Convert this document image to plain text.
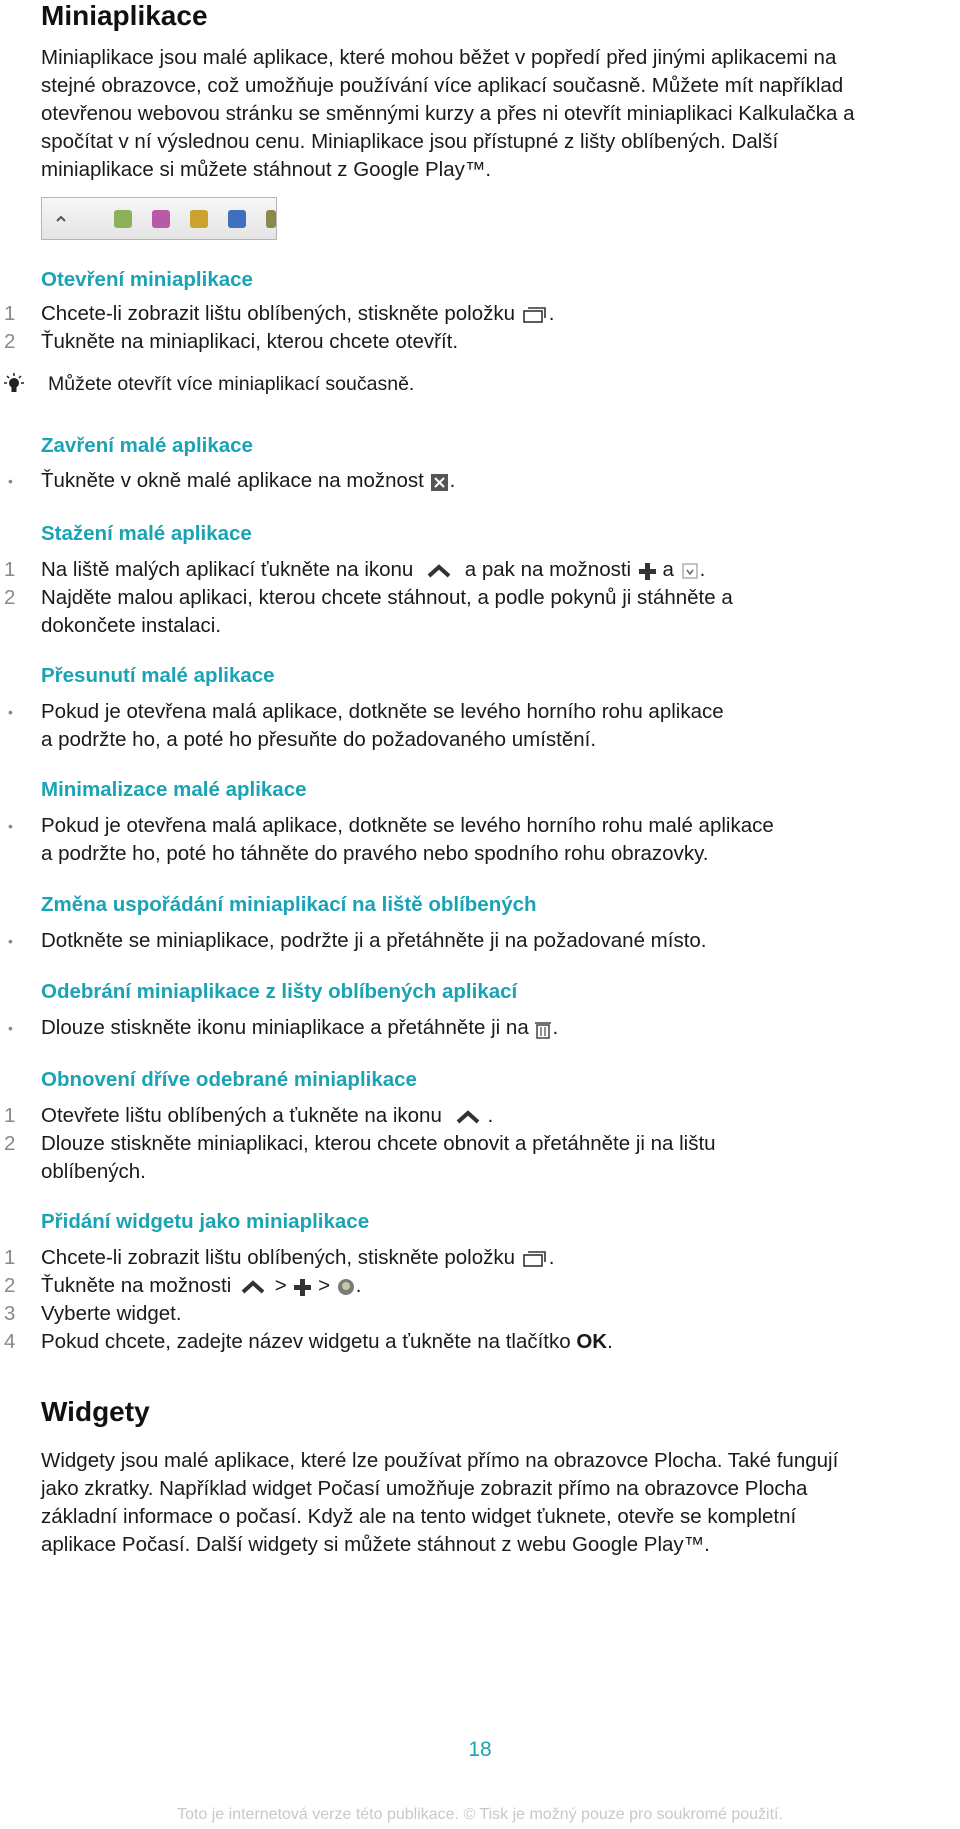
Miniaplikace
Miniaplikace jsou malé aplikace, které mohou běžet v popředí před jinými aplikacemi na
stejné obrazovce, což umožňuje používání více aplikací současně. Můžete mít například
otevřenou webovou stránku se směnnými kurzy a přes ni otevřít miniaplikaci Kalkulačka a
spočítat v ní výslednou cenu. Miniaplikace jsou přístupné z lišty oblíbených. Další
miniaplikace si můžete stáhnout z Google Play™.
Otevření miniaplikace
1	Chcete-li zobrazit lištu oblíbených, stiskněte položku .
2	Ťukněte na miniaplikaci, kterou chcete otevřít.
Můžete otevřít více miniaplikací současně.
Zavření malé aplikace
• Ťukněte v okně malé aplikace na možnost .
Stažení malé aplikace
1	Na liště malých aplikací ťukněte na ikonu	a pak na možnosti a .
2	Najděte malou aplikaci, kterou chcete stáhnout, a podle pokynů ji stáhněte a
dokončete instalaci.
Přesunutí malé aplikace
• Pokud je otevřena malá aplikace, dotkněte se levého horního rohu aplikace
a podržte ho, a poté ho přesuňte do požadovaného umístění.
Minimalizace malé aplikace
• Pokud je otevřena malá aplikace, dotkněte se levého horního rohu malé aplikace
a podržte ho, poté ho táhněte do pravého nebo spodního rohu obrazovky.
Změna uspořádání miniaplikací na liště oblíbených
• Dotkněte se miniaplikace, podržte ji a přetáhněte ji na požadované místo.
Odebrání miniaplikace z lišty oblíbených aplikací
• Dlouze stiskněte ikonu miniaplikace a přetáhněte ji na .
Obnovení dříve odebrané miniaplikace
1	Otevřete lištu oblíbených a ťukněte na ikonu .
2	Dlouze stiskněte miniaplikaci, kterou chcete obnovit a přetáhněte ji na lištu
oblíbených.
Přidání widgetu jako miniaplikace
1	Chcete-li zobrazit lištu oblíbených, stiskněte položku .
2	Ťukněte na možnosti > > .
3	Vyberte widget.
4	Pokud chcete, zadejte název widgetu a ťukněte na tlačítko OK.
Widgety
Widgety jsou malé aplikace, které lze používat přímo na obrazovce Plocha. Také fungují
jako zkratky. Například widget Počasí umožňuje zobrazit přímo na obrazovce Plocha
základní informace o počasí. Když ale na tento widget ťuknete, otevře se kompletní
aplikace Počasí. Další widgety si můžete stáhnout z webu Google Play™.
18
Toto je internetová verze této publikace. © Tisk je možný pouze pro soukromé použití.
